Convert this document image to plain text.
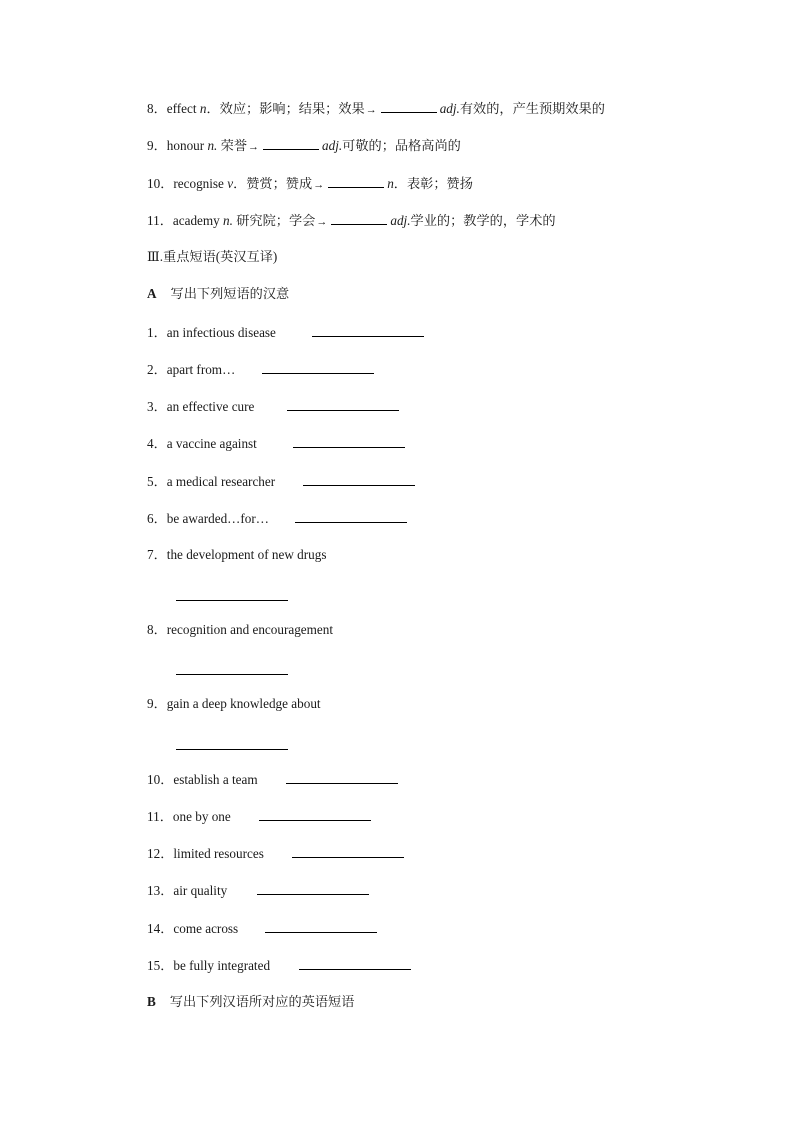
8．effect n．效应；影响；结果；效果→	adj.有效的，产生预期效果的
9．honour n. 荣誉→	adj.可敬的；品格高尚的
10．recognise v．赞赏；赞成→	n．表彰；赞扬
11．academy n. 研究院；学会→	adj.学业的；教学的，学术的
Ⅲ.重点短语(英汉互译)
A 写出下列短语的汉意
1．an infectious disease
2．apart from…
3．an effective cure
4．a vaccine against
5．a medical researcher
6．be awarded…for…
7．the development of new drugs
8．recognition and encouragement
9．gain a deep knowledge about
10．establish a team
11．one by one
12．limited resources
13．air quality
14．come across
15．be fully integrated
B 写出下列汉语所对应的英语短语
